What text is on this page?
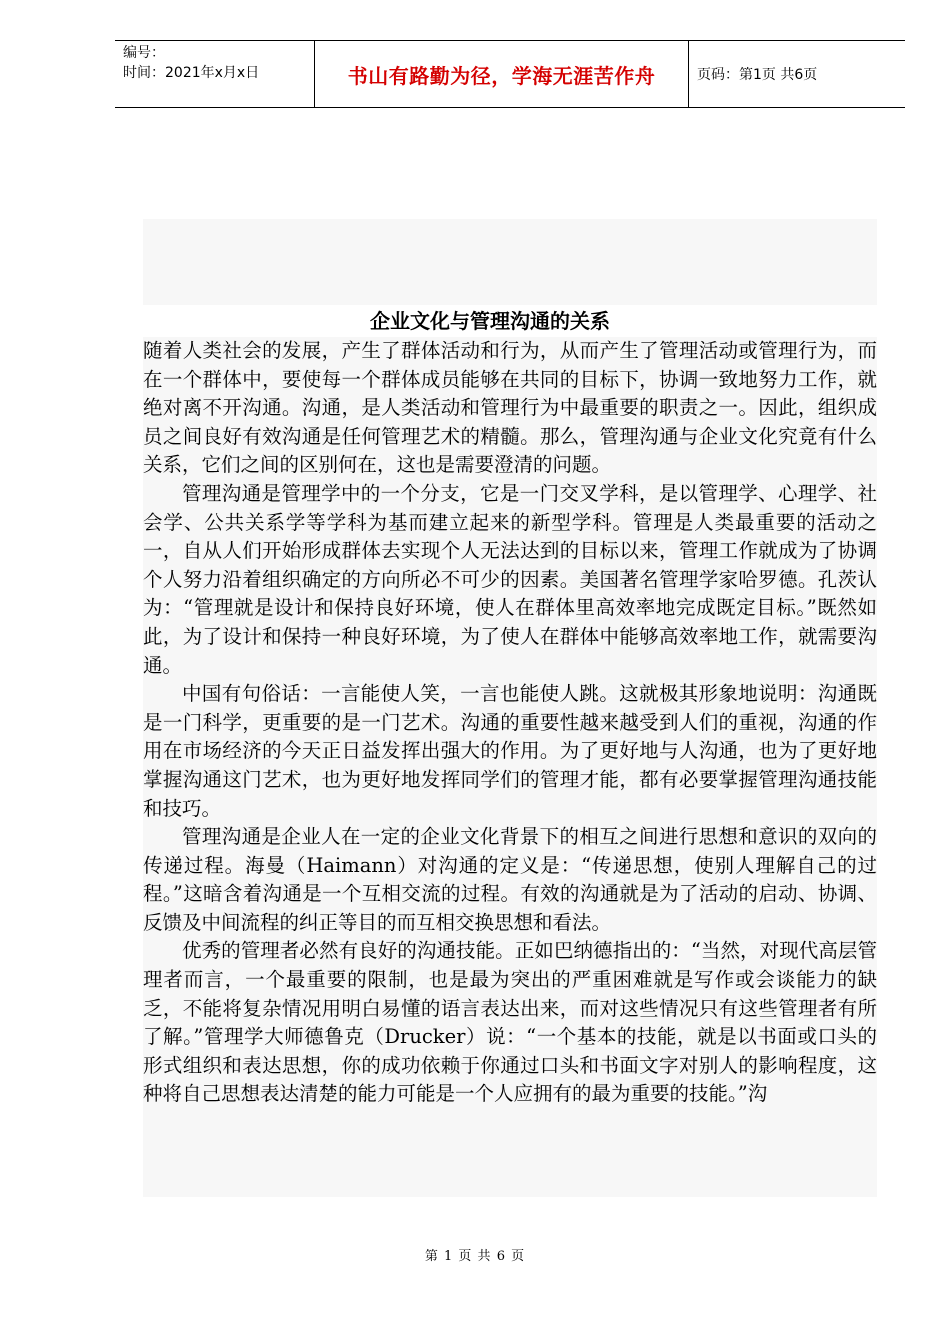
编号：
时间：2021年x月x日	书山有路勤为径，学海无涯苦作舟	页码：第1页 共6页
企业文化与管理沟通的关系

随着人类社会的发展，产生了群体活动和行为，从而产生了管理活动或管理行为，而在一个群体中，要使每一个群体成员能够在共同的目标下，协调一致地努力工作，就绝对离不开沟通。沟通，是人类活动和管理行为中最重要的职责之一。因此，组织成员之间良好有效沟通是任何管理艺术的精髓。那么，管理沟通与企业文化究竟有什么关系，它们之间的区别何在，这也是需要澄清的问题。

管理沟通是管理学中的一个分支，它是一门交叉学科，是以管理学、心理学、社会学、公共关系学等学科为基而建立起来的新型学科。管理是人类最重要的活动之一，自从人们开始形成群体去实现个人无法达到的目标以来，管理工作就成为了协调个人努力沿着组织确定的方向所必不可少的因素。美国著名管理学家哈罗德。孔茨认为：“管理就是设计和保持良好环境，使人在群体里高效率地完成既定目标。”既然如此，为了设计和保持一种良好环境，为了使人在群体中能够高效率地工作，就需要沟通。

中国有句俗话：一言能使人笑，一言也能使人跳。这就极其形象地说明：沟通既是一门科学，更重要的是一门艺术。沟通的重要性越来越受到人们的重视，沟通的作用在市场经济的今天正日益发挥出强大的作用。为了更好地与人沟通，也为了更好地掌握沟通这门艺术，也为更好地发挥同学们的管理才能，都有必要掌握管理沟通技能和技巧。

管理沟通是企业人在一定的企业文化背景下的相互之间进行思想和意识的双向的传递过程。海曼（Haimann）对沟通的定义是：“传递思想，使别人理解自己的过程。”这暗含着沟通是一个互相交流的过程。有效的沟通就是为了活动的启动、协调、反馈及中间流程的纠正等目的而互相交换思想和看法。

优秀的管理者必然有良好的沟通技能。正如巴纳德指出的：“当然，对现代高层管理者而言，一个最重要的限制，也是最为突出的严重困难就是写作或会谈能力的缺乏，不能将复杂情况用明白易懂的语言表达出来，而对这些情况只有这些管理者有所了解。”管理学大师德鲁克（Drucker）说：“一个基本的技能，就是以书面或口头的形式组织和表达思想，你的成功依赖于你通过口头和书面文字对别人的影响程度，这种将自己思想表达清楚的能力可能是一个人应拥有的最为重要的技能。”沟

第 1 页 共 6 页
